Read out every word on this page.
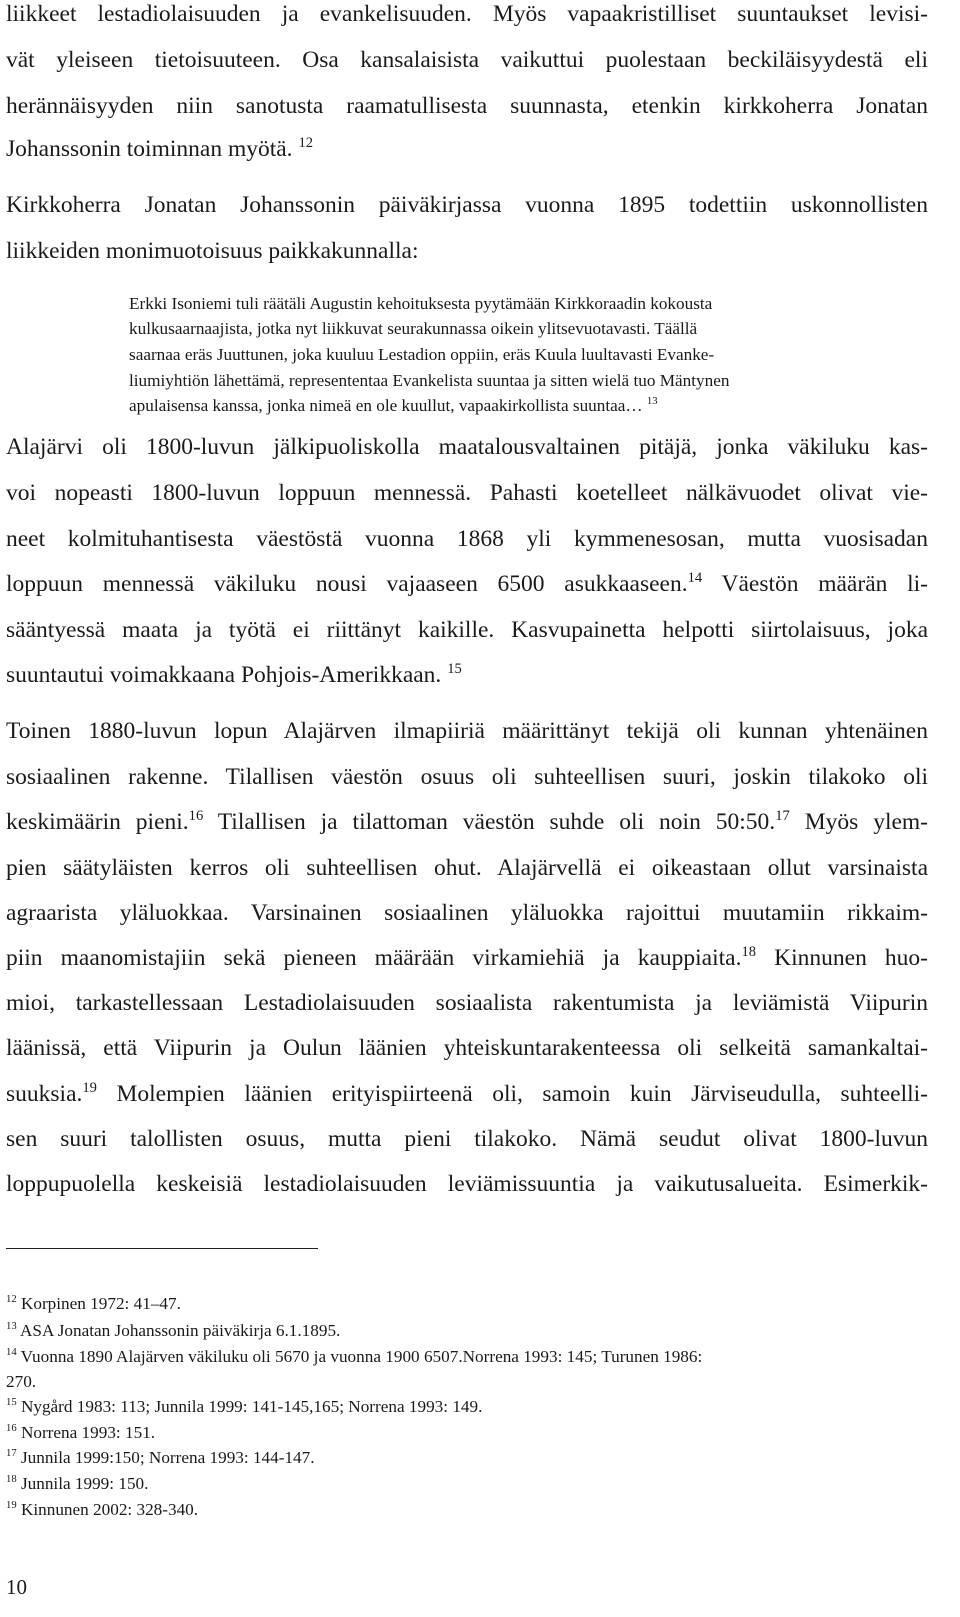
liikkeet lestadiolaisuuden ja evankelisuuden. Myös vapaakristilliset suuntaukset levisi-
vät yleiseen tietoisuuteen. Osa kansalaisista vaikuttui puolestaan beckiläisyydestä eli
herännäisyyden niin sanotusta raamatullisesta suunnasta, etenkin kirkkoherra Jonatan
Johanssonin toiminnan myötä. $^{12}$
Kirkkoherra Jonatan Johanssonin päiväkirjassa vuonna 1895 todettiin uskonnollisten
liikkeiden monimuotoisuus paikkakunnalla:
Erkki Isoniemi tuli räätäli Augustin kehoituksesta pyytämään Kirkkoraadin kokousta
kulkusaarnaajista, jotka nyt liikkuvat seurakunnassa oikein ylitsevuotavasti. Täällä
saarnaa eräs Juuttunen, joka kuuluu Lestadion oppiin, eräs Kuula luultavasti Evanke-
liumiyhtiön lähettämä, represententaa Evankelista suuntaa ja sitten wielä tuo Mäntynen
apulaisensa kanssa, jonka nimeä en ole kuullut, vapaakirkollista suuntaa… $^{13}$
Alajärvi oli 1800-luvun jälkipuoliskolla maatalousvaltainen pitäjä, jonka väkiluku kas-
voi nopeasti 1800-luvun loppuun mennessä. Pahasti koetelleet nälkävuodet olivat vie-
neet kolmituhantisesta väestöstä vuonna 1868 yli kymmenesosan, mutta vuosisadan
loppuun mennessä väkiluku nousi vajaaseen 6500 asukkaaseen.$^{14}$ Väestön määrän li-
sääntyessä maata ja työtä ei riittänyt kaikille. Kasvupainetta helpotti siirtolaisuus, joka
suuntautui voimakkaana Pohjois-Amerikkaan. $^{15}$
Toinen 1880-luvun lopun Alajärven ilmapiiriä määrittänyt tekijä oli kunnan yhtenäinen
sosiaalinen rakenne. Tilallisen väestön osuus oli suhteellisen suuri, joskin tilakoko oli
keskimäärin pieni.$^{16}$ Tilallisen ja tilattoman väestön suhde oli noin 50:50.17 Myös ylem-
pien säätyläisten kerros oli suhteellisen ohut. Alajärvellä ei oikeastaan ollut varsinaista
agraarista yläluokkaa. Varsinainen sosiaalinen yläluokka rajoittui muutamiin rikkaim-
piin maanomistajiin sekä pieneen määrään virkamiehiä ja kauppiaita.$^{18}$ Kinnunen huo-
mioi, tarkastellessaan Lestadiolaisuuden sosiaalista rakentumista ja leviämistä Viipurin
läänissä, että Viipurin ja Oulun läänien yhteiskuntarakenteessa oli selkeitä samankaltai-
suuksia.$^{19}$ Molempien läänien erityispiirteenä oli, samoin kuin Järviseudulla, suhteelli-
sen suuri talollisten osuus, mutta pieni tilakoko. Nämä seudut olivat 1800-luvun
loppupuolella keskeisiä lestadiolaisuuden leviämissuuntia ja vaikutusalueita. Esimerkik-
$^{12}$ Korpinen 1972: 41–47.
$^{13}$ ASA Jonatan Johanssonin päiväkirja 6.1.1895.
$^{14}$ Vuonna 1890 Alajärven väkiluku oli 5670 ja vuonna 1900 6507.Norrena 1993: 145; Turunen 1986:
270.
$^{15}$ Nygård 1983: 113; Junnila 1999: 141-145,165; Norrena 1993: 149.
$^{16}$ Norrena 1993: 151.
$^{17}$ Junnila 1999:150; Norrena 1993: 144-147.
$^{18}$ Junnila 1999: 150.
$^{19}$ Kinnunen 2002: 328-340.
10
